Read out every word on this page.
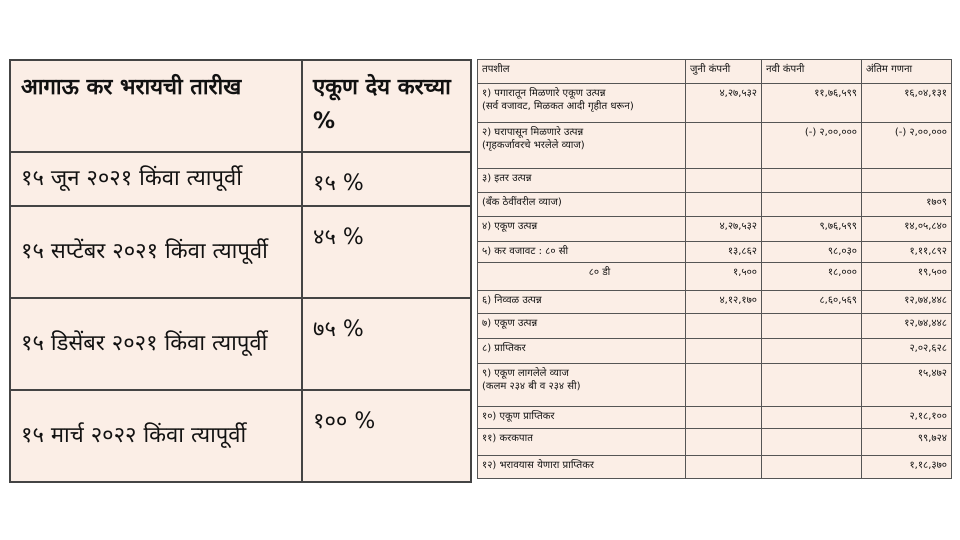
आगाऊ कर भरायची तारीख	एकूण देय करच्या %
१५ जून २०२१ किंवा त्यापूर्वी	१५ %
१५ सप्टेंबर २०२१ किंवा त्यापूर्वी	४५ %
१५ डिसेंबर २०२१ किंवा त्यापूर्वी	७५ %
१५ मार्च २०२२ किंवा त्यापूर्वी	१०० %
तपशील	जुनी कंपनी	नवी कंपनी	अंतिम गणना
१) पगारातून मिळणारे एकूण उत्पन्न
(सर्व वजावट, मिळकत आदी गृहीत धरून)	४,२७,५३२	११,७६,५९९	१६,०४,१३१
२) घरापासून मिळणारे उत्पन्न
(गृहकर्जावरचे भरलेले व्याज)		(-) २,००,०००	(-) २,००,०००
३) इतर उत्पन्न			
(बँक ठेवींवरील व्याज)			१७०९
४) एकूण उत्पन्न	४,२७,५३२	९,७६,५९९	१४,०५,८४०
५) कर वजावट : ८० सी	१३,८६२	९८,०३०	१,११,८९२
८० डी	१,५००	१८,०००	१९,५००
६) निव्वळ उत्पन्न	४,१२,१७०	८,६०,५६९	१२,७४,४४८
७) एकूण उत्पन्न			१२,७४,४४८
८) प्राप्तिकर			२,०२,६२८
९) एकूण लागलेले व्याज
(कलम २३४ बी व २३४ सी)			१५,४७२
१०) एकूण प्राप्तिकर			२,१८,१००
११) करकपात			९९,७२४
१२) भरावयास येणारा प्राप्तिकर			१,१८,३७०
